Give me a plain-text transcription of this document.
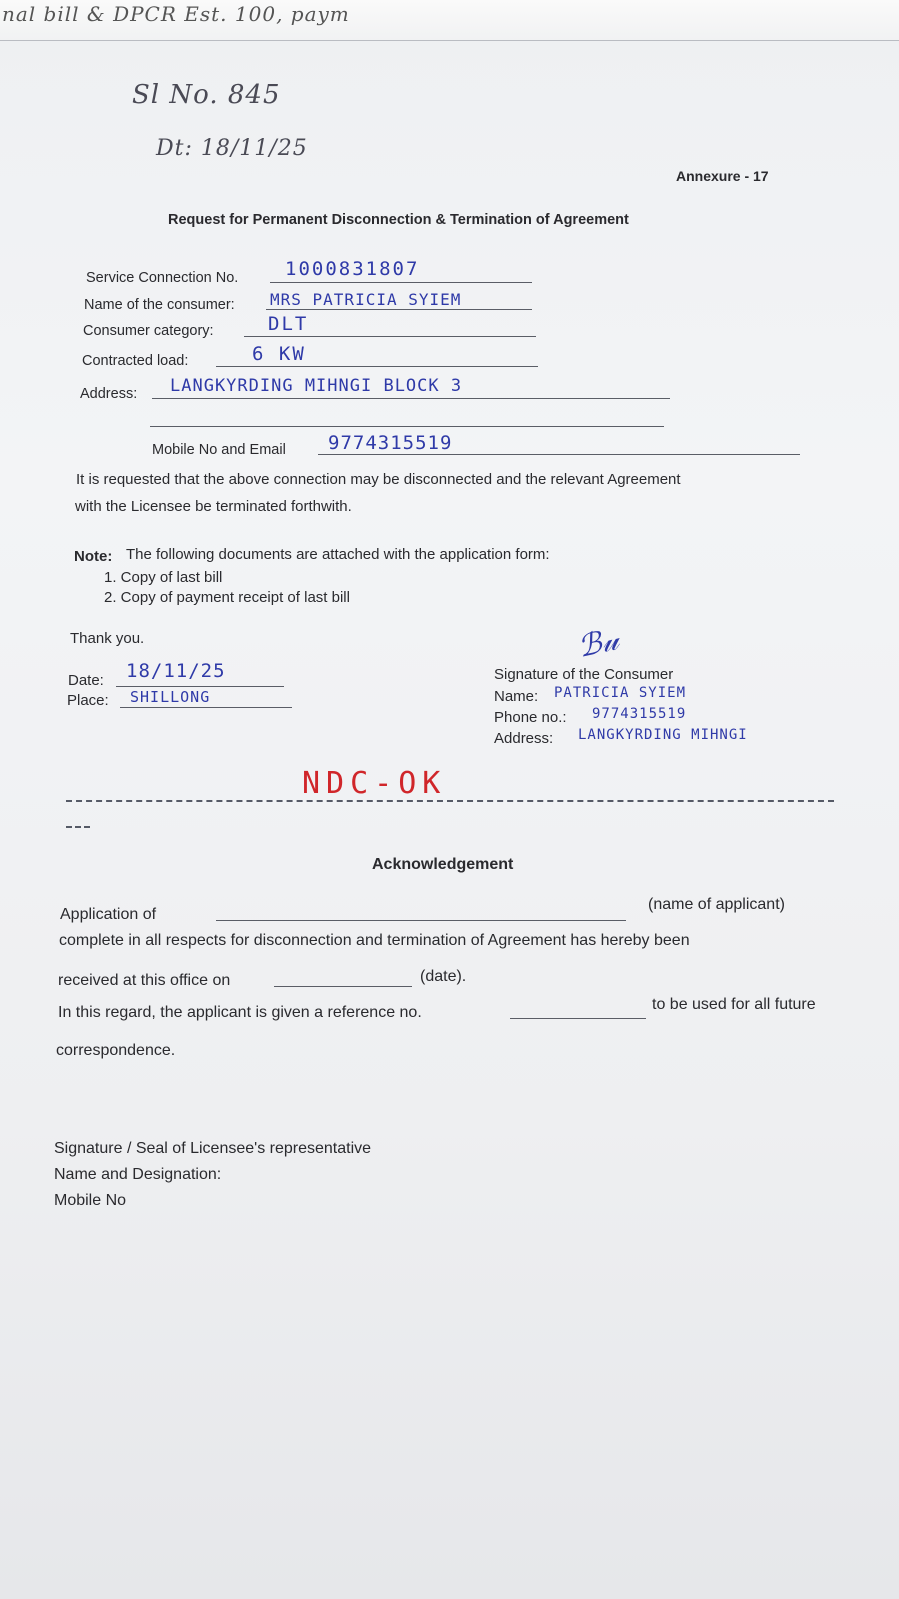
nal bill & DPCR Est. 100, paym
Sl No. 845
Dt: 18/11/25
Annexure - 17
Request for Permanent Disconnection & Termination of Agreement
Service Connection No. 1000831807
Name of the consumer: MRS PATRICIA SYIEM
Consumer category:	DLT
Contracted load:	6 KW
Address: LANGKYRDING MIHNGI BLOCK 3
Mobile No and Email 9774315519
It is requested that the above connection may be disconnected and the relevant Agreement
with the Licensee be terminated forthwith.
Note: The following documents are attached with the application form:
1. Copy of last bill
2. Copy of payment receipt of last bill
Thank you.
Date: 18/11/25
Place: SHILLONG
ℬ𝓊
Signature of the Consumer
Name: PATRICIA SYIEM
Phone no.: 9774315519
Address: LANGKYRDING MIHNGI
NDC-OK
Acknowledgement
Application of
(name of applicant)
complete in all respects for disconnection and termination of Agreement has hereby been
received at this office on	(date).
In this regard, the applicant is given a reference no.	to be used for all future
correspondence.
Signature / Seal of Licensee's representative
Name and Designation:
Mobile No
